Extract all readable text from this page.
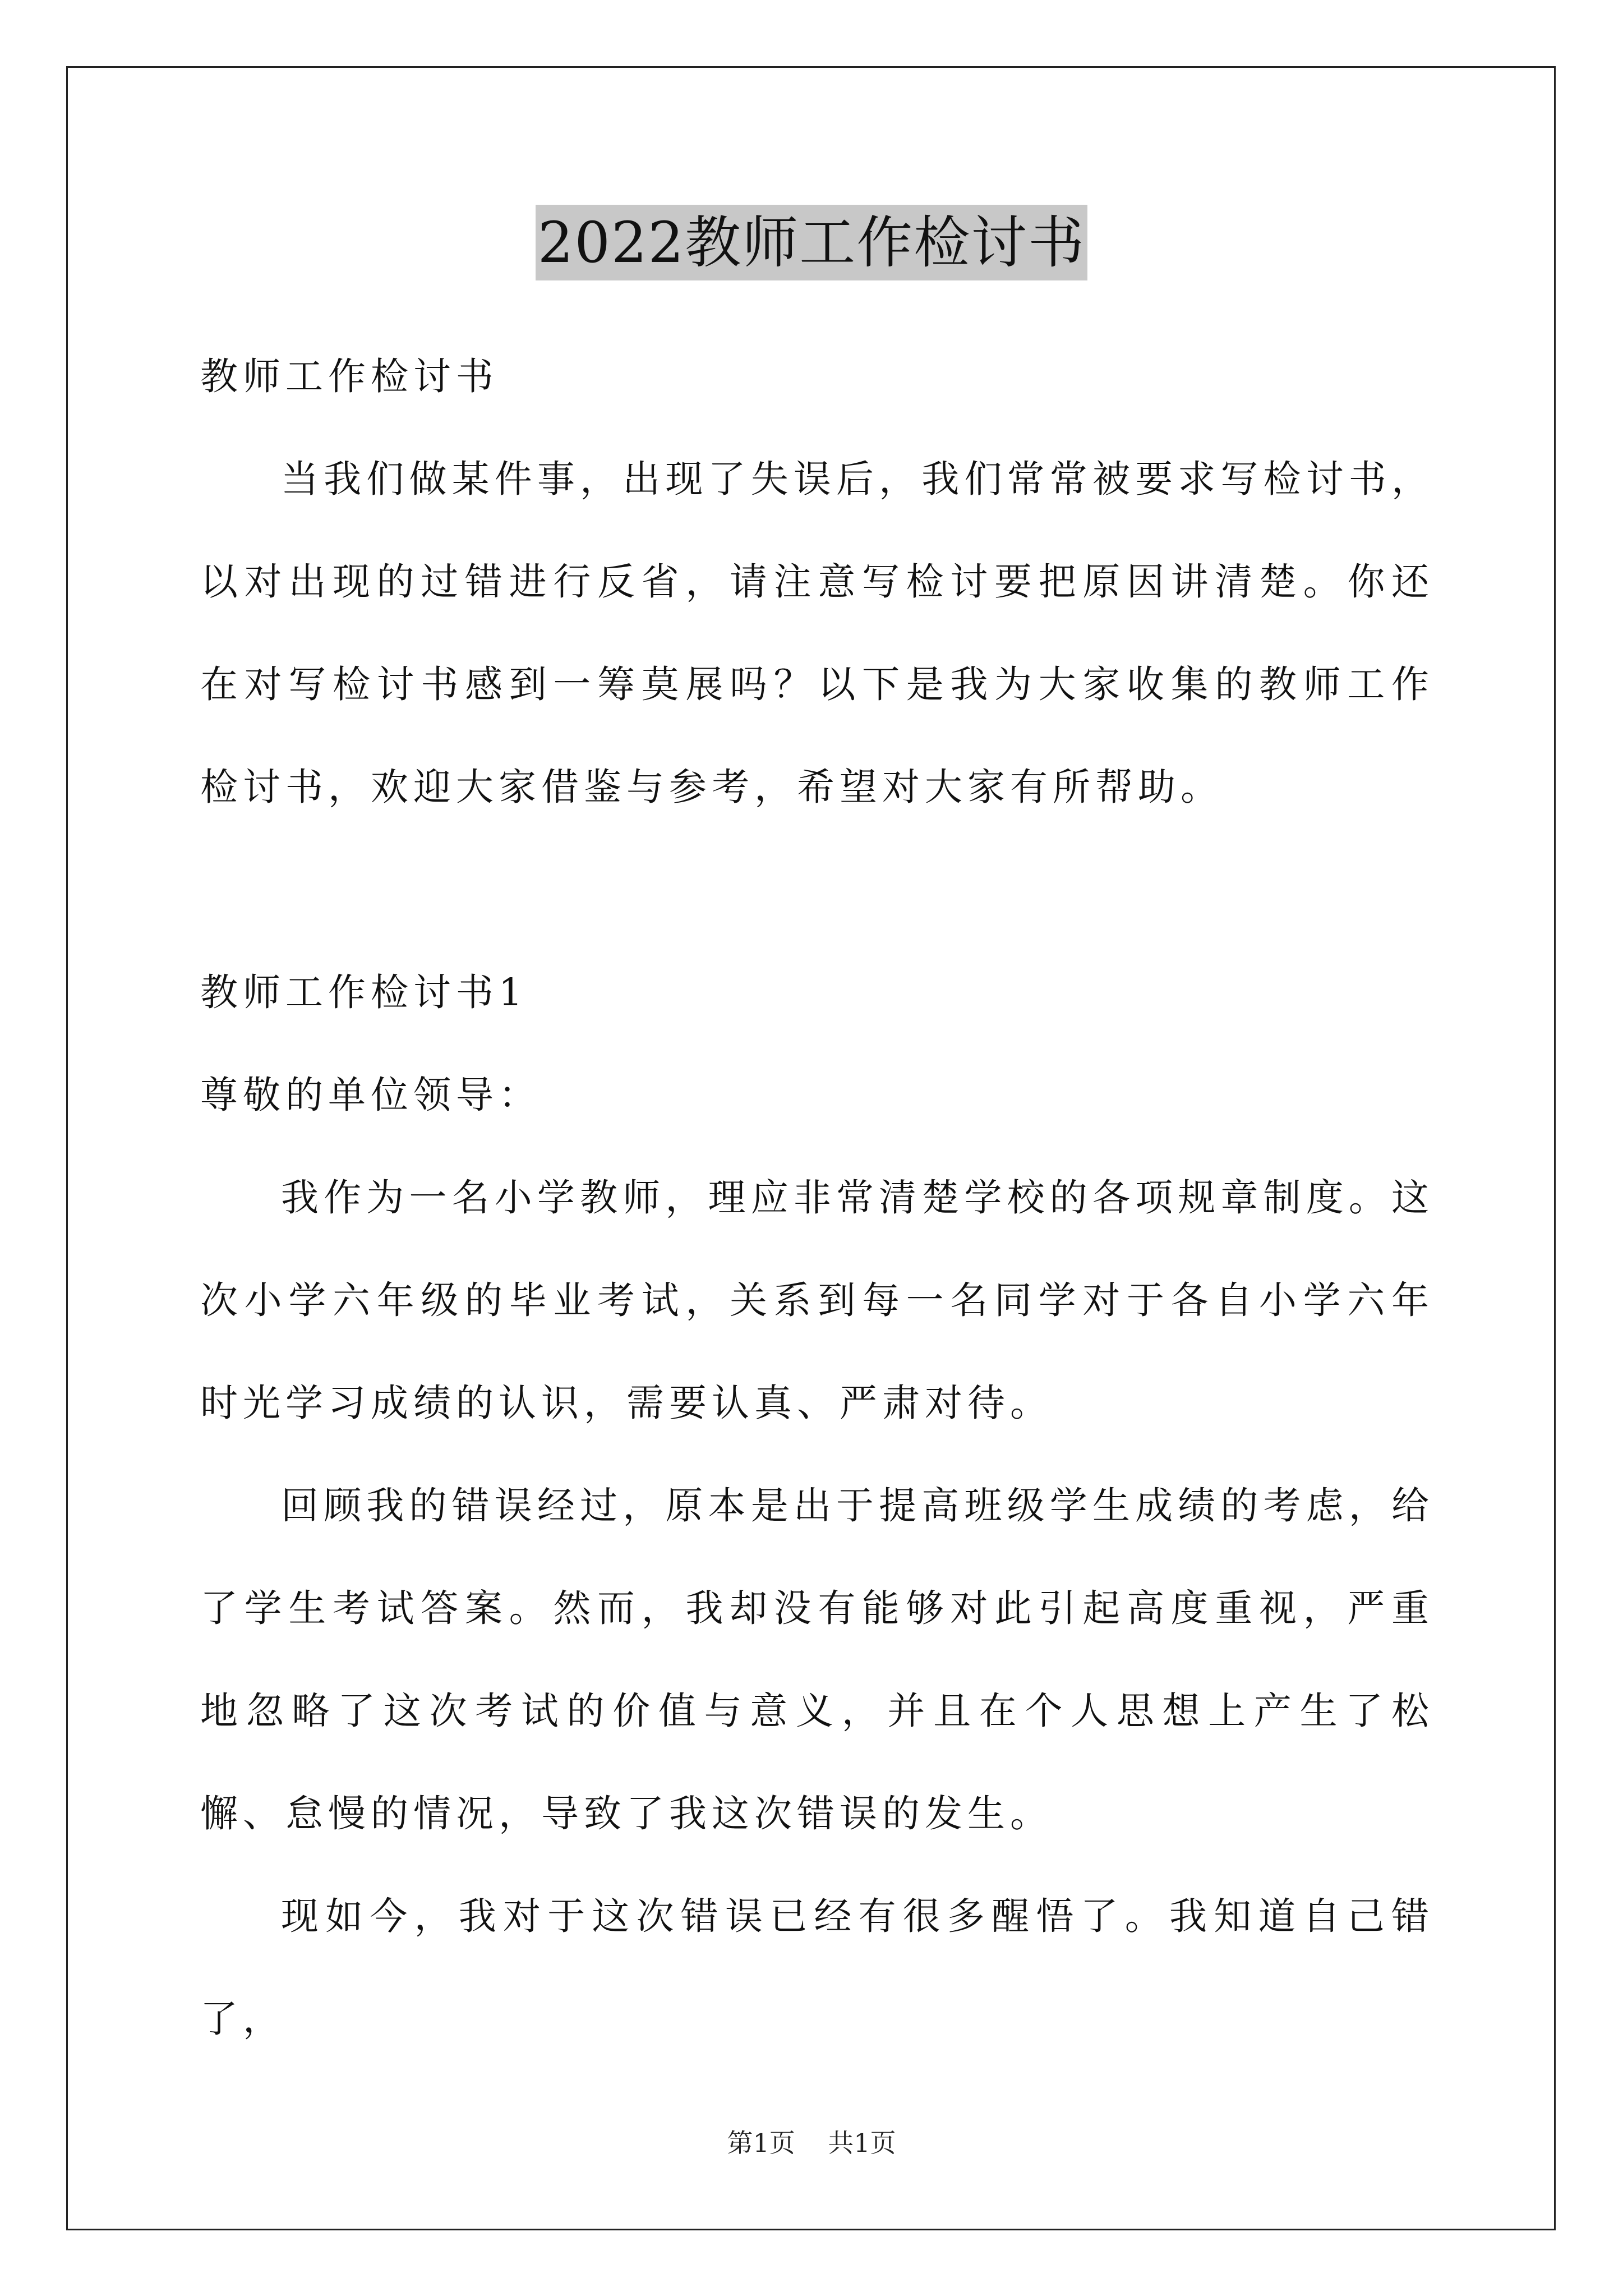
2022教师工作检讨书

教师工作检讨书

当我们做某件事，出现了失误后，我们常常被要求写检讨书，以对出现的过错进行反省，请注意写检讨要把原因讲清楚。你还在对写检讨书感到一筹莫展吗？以下是我为大家收集的教师工作检讨书，欢迎大家借鉴与参考，希望对大家有所帮助。

教师工作检讨书1

尊敬的单位领导：

我作为一名小学教师，理应非常清楚学校的各项规章制度。这次小学六年级的毕业考试，关系到每一名同学对于各自小学六年时光学习成绩的认识，需要认真、严肃对待。

回顾我的错误经过，原本是出于提高班级学生成绩的考虑，给了学生考试答案。然而，我却没有能够对此引起高度重视，严重地忽略了这次考试的价值与意义，并且在个人思想上产生了松懈、怠慢的情况，导致了我这次错误的发生。

现如今，我对于这次错误已经有很多醒悟了。我知道自己错了，

第1页 共1页
